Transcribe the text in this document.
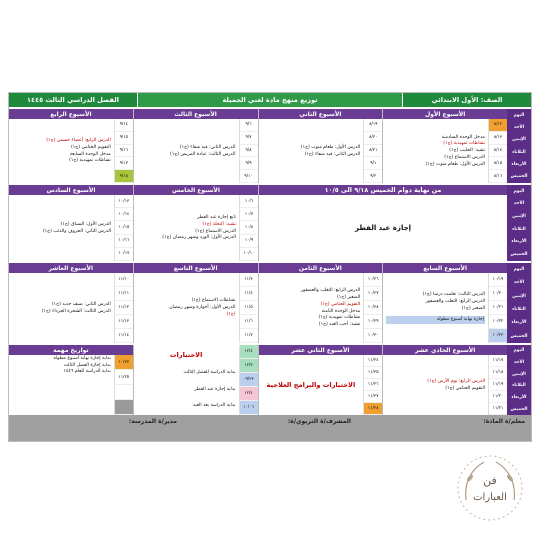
الصف: الأول الابتدائي
توزيع منهج مادة لغتي الجميلة
الفصل الدراسي الثالث ١٤٤٥
اليوم
الأحد
الإثنين
الثلاثاء
الأربعاء
الخميس
الأسبوع الأول
٨/١٢
٨/١٣
٨/١٤
٨/١٥
٨/١٦
مدخل الوحدة السادسة
نشاطات تمهيدية (ج١)
نشيد: الحليب (ج١)
الدرس الاستماع (ج١)
الدرس الأول: طعام متوت (ج١)
الأسبوع الثاني
٨/١٩
٨/٢٠
٨/٢١
٩/١
٩/٢
الدرس الأول: طعام متوت (ج١)
الدرس الثاني: فيه شفاء (ج١)
الأسبوع الثالث
٩/٦
٩/٧
٩/٨
٩/٩
٩/١٠
الدرس الثاني: فيه شفاء (ج١)
الدرس الثالث: عيادة المريض (ج١)
الأسبوع الرابع
٩/١٤
٩/١٥
٩/١٦
٩/١٧
٩/١٨
الدرس الرابع: أعضاء جسمي (ج١)
التقويم الختامي (ج١)
مدخل الوحدة السابعة
نشاطات تمهيدية (ج١)
اليوم
الأحد
الإثنين
الثلاثاء
الأربعاء
الخميس
من نهاية دوام الخميس ٩/١٨ الى ١٠/٥
إجازة عيد الفطر
الأسبوع الخامس
١٠/٦
١٠/٧
١٠/٨
١٠/٩
١٠/١٠
تابع إجازة عيد الفطر
نشيد: النحلة (ج١)
الدرس الاستماع (ج١)
الدرس الأول: الورد وشهر رمضان (ج١)
الأسبوع السادس
١٠/١٣
١٠/١٤
١٠/١٥
١٠/١٦
١٠/١٧
الدرس الأول: السباق (ج١)
الدرس الثاني: الخروف والذئب (ج١)
اليوم
الأحد
الإثنين
الثلاثاء
الأربعاء
الخميس
الأسبوع السابع
١٠/١٩
١٠/٢٠
١٠/٢١
١٠/٢٢
١٠/٢٣
الدرس الثالث: تعلمت درسا (ج١)
الدرس الرابع: الثعلب والعصفور
الصغير (ج١)
إجازة نهاية أسبوع مطولة
الأسبوع الثامن
١٠/٢٦
١٠/٢٧
١٠/٢٨
١٠/٢٩
١٠/٣٠
الدرس الرابع: الثعلب والعصفور
الصغير (ج١)
التقويم الختامي (ج١)
مدخل الوحدة الثامنة
نشاطات تمهيدية (ج١)
نشيد: أحب العيد (ج١)
الأسبوع التاسع
١١/٣
١١/٤
١١/٥
١١/٦
١١/٧
نشاطات الاستماع (ج١)
الدرس الأول: أحوارة وشهر رمضان
(ج١)
الأسبوع العاشر
١١/١٠
١١/١١
١١/١٢
١١/١٣
١١/١٤
الدرس الثاني: ضيف جديد (ج١)
الدرس الثالث: الشجرة الجرداء (ج١)
اليوم
الأحد
الإثنين
الثلاثاء
الأربعاء
الخميس
الأسبوع الحادي عشر
١١/١٧
١١/١٨
١١/١٩
١١/٢٠
١١/٢١
الدرس الرابع: يوم الأرض (ج١)
التقويم الختامي (ج١)
الأسبوع الثاني عشر
١١/٢٤
١١/٢٥
١١/٢٦
١١/٢٧
١١/٢٨
الاختبارات والبرامج العلاجية
١٢/٤
١٢/٣
٠٩/٢٣
١٢/٤
١٠/٠٦
الاختبارات
بداية الدراسة للفصل الثالث
بداية إجازة عيد الفطر
بداية الدراسة بعد العيد
تواريخ مهمة
١٠/٢٣
١١/٢٥
بداية إجازة نهاية أسبوع مطولة
بداية إجازة الفصل الثالث
بداية الدراسة للعام ١٤٤٦
معلم/ة المادة:
المشرف/ة التربوي/ة:
مدير/ة المدرسة:
فن
العبارات
